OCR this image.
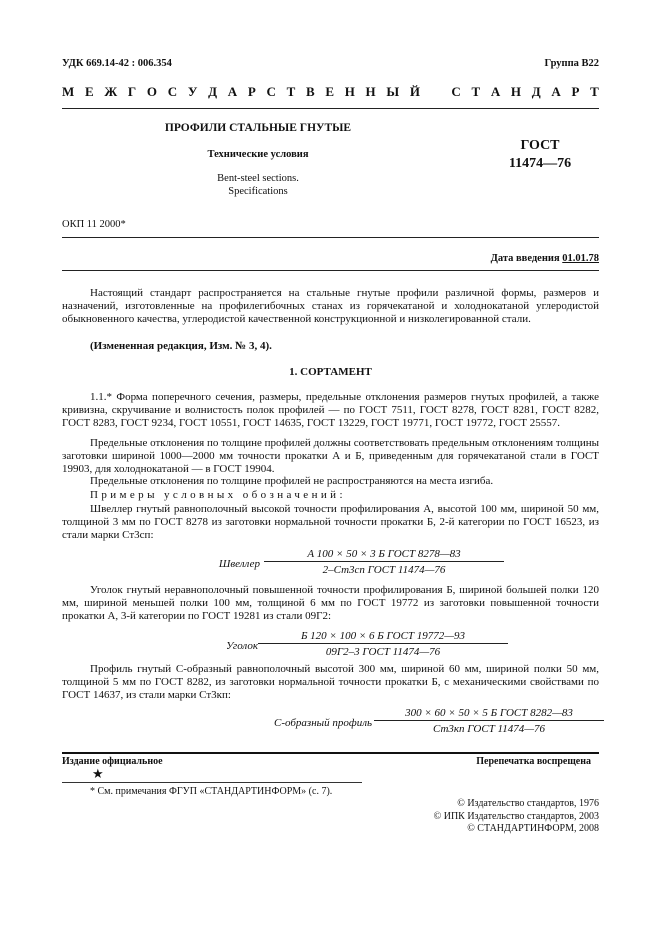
УДК 669.14-42 : 006.354	Группа В22
М Е Ж Г О С У Д А Р С Т В Е Н Н Ы Й С Т А Н Д А Р Т
ПРОФИЛИ СТАЛЬНЫЕ ГНУТЫЕ
Технические условия
Bent-steel sections.
Specifications
ГОСТ
11474—76
ОКП 11 2000*
Дата введения 01.01.78

Настоящий стандарт распространяется на стальные гнутые профили различной формы, размеров и назначений, изготовленные на профилегибочных станах из горячекатаной и холоднокатаной углеродистой обыкновенного качества, углеродистой качественной конструкционной и низколегированной стали.

(Измененная редакция, Изм. № 3, 4).

1. СОРТАМЕНТ

1.1.* Форма поперечного сечения, размеры, предельные отклонения размеров гнутых профилей, а также кривизна, скручивание и волнистость полок профилей — по ГОСТ 7511, ГОСТ 8278, ГОСТ 8281, ГОСТ 8282, ГОСТ 8283, ГОСТ 9234, ГОСТ 10551, ГОСТ 14635, ГОСТ 13229, ГОСТ 19771, ГОСТ 19772, ГОСТ 25557.

Предельные отклонения по толщине профилей должны соответствовать предельным отклонениям толщины заготовки шириной 1000—2000 мм точности прокатки А и Б, приведенным для горячекатаной стали в ГОСТ 19903, для холоднокатаной — в ГОСТ 19904.

Предельные отклонения по толщине профилей не распространяются на места изгиба.

Примеры условных обозначений:

Швеллер гнутый равнополочный высокой точности профилирования А, высотой 100 мм, шириной 50 мм, толщиной 3 мм по ГОСТ 8278 из заготовки нормальной точности прокатки Б, 2-й категории по ГОСТ 16523, из стали марки Ст3сп:

Швеллер
А 100 × 50 × 3 Б ГОСТ 8278—83
2–Ст3сп ГОСТ 11474—76

Уголок гнутый неравнополочный повышенной точности профилирования Б, шириной большей полки 120 мм, шириной меньшей полки 100 мм, толщиной 6 мм по ГОСТ 19772 из заготовки повышенной точности прокатки А, 3-й категории по ГОСТ 19281 из стали 09Г2:

Уголок
Б 120 × 100 × 6 Б ГОСТ 19772—93
09Г2–3 ГОСТ 11474—76

Профиль гнутый С-образный равнополочный высотой 300 мм, шириной 60 мм, шириной полки 50 мм, толщиной 5 мм по ГОСТ 8282, из заготовки нормальной точности прокатки Б, с механическими свойствами по ГОСТ 14637, из стали марки Ст3кп:

С-образный профиль
300 × 60 × 50 × 5 Б ГОСТ 8282—83
Ст3кп ГОСТ 11474—76
Издание официальное	Перепечатка воспрещена
★
* См. примечания ФГУП «СТАНДАРТИНФОРМ» (с. 7).
© Издательство стандартов, 1976
© ИПК Издательство стандартов, 2003
© СТАНДАРТИНФОРМ, 2008
